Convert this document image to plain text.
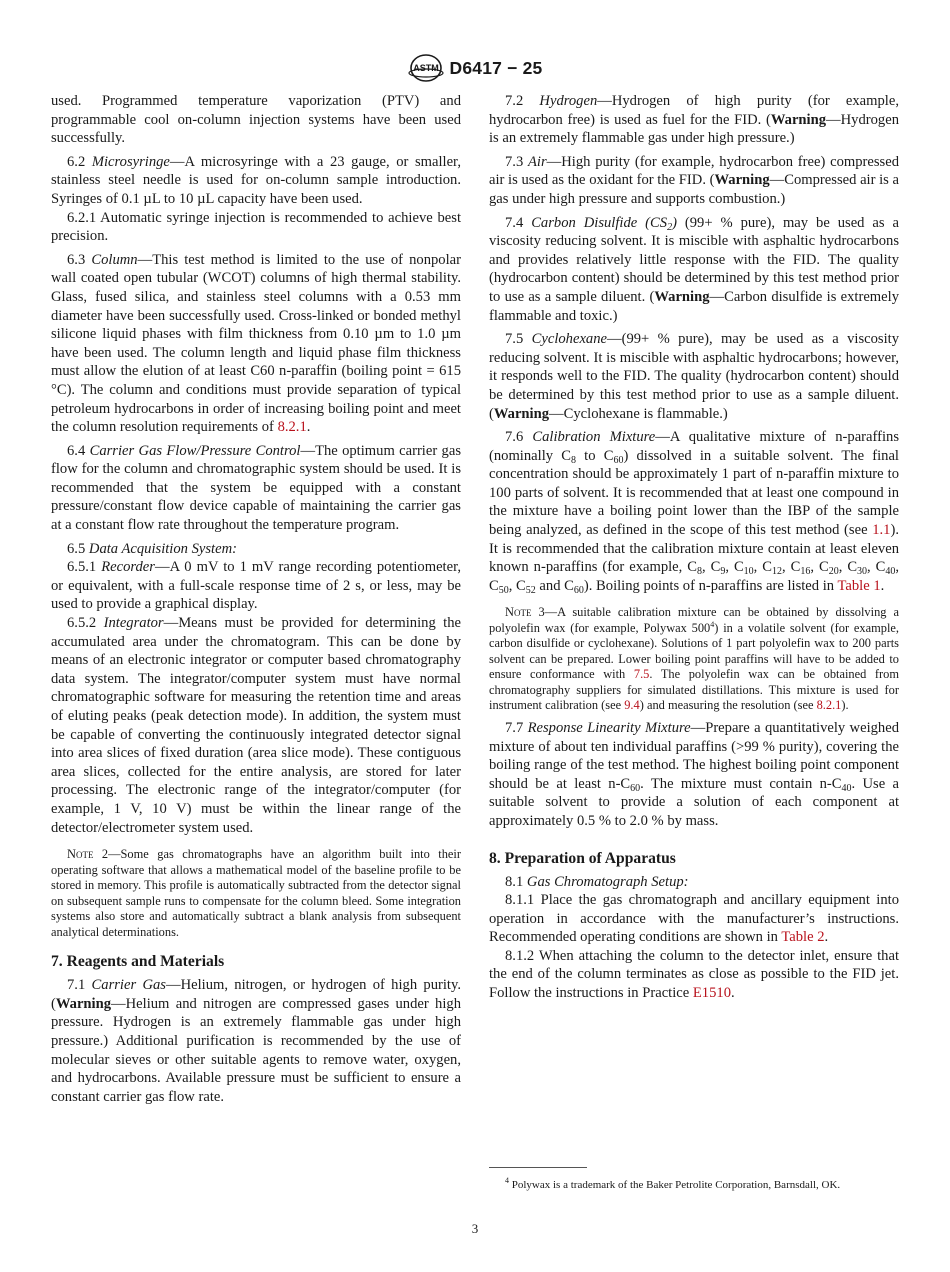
ASTM D6417 − 25

used. Programmed temperature vaporization (PTV) and programmable cool on-column injection systems have been used successfully.

6.2 Microsyringe—A microsyringe with a 23 gauge, or smaller, stainless steel needle is used for on-column sample introduction. Syringes of 0.1 µL to 10 µL capacity have been used.

6.2.1 Automatic syringe injection is recommended to achieve best precision.

6.3 Column—This test method is limited to the use of nonpolar wall coated open tubular (WCOT) columns of high thermal stability. Glass, fused silica, and stainless steel columns with a 0.53 mm diameter have been successfully used. Cross-linked or bonded methyl silicone liquid phases with film thickness from 0.10 µm to 1.0 µm have been used. The column length and liquid phase film thickness must allow the elution of at least C60 n-paraffin (boiling point = 615 °C). The column and conditions must provide separation of typical petroleum hydrocarbons in order of increasing boiling point and meet the column resolution requirements of 8.2.1.

6.4 Carrier Gas Flow/Pressure Control—The optimum carrier gas flow for the column and chromatographic system should be used. It is recommended that the system be equipped with a constant pressure/constant flow device capable of maintaining the carrier gas at a constant flow rate throughout the temperature program.

6.5 Data Acquisition System:

6.5.1 Recorder—A 0 mV to 1 mV range recording potentiometer, or equivalent, with a full-scale response time of 2 s, or less, may be used to provide a graphical display.

6.5.2 Integrator—Means must be provided for determining the accumulated area under the chromatogram. This can be done by means of an electronic integrator or computer based chromatography data system. The integrator/computer system must have normal chromatographic software for measuring the retention time and areas of eluting peaks (peak detection mode). In addition, the system must be capable of converting the continuously integrated detector signal into area slices of fixed duration (area slice mode). These contiguous area slices, collected for the entire analysis, are stored for later processing. The electronic range of the integrator/computer (for example, 1 V, 10 V) must be within the linear range of the detector/electrometer system used.

Note 2—Some gas chromatographs have an algorithm built into their operating software that allows a mathematical model of the baseline profile to be stored in memory. This profile is automatically subtracted from the detector signal on subsequent sample runs to compensate for the column bleed. Some integration systems also store and automatically subtract a blank analysis from subsequent analytical determinations.

7. Reagents and Materials

7.1 Carrier Gas—Helium, nitrogen, or hydrogen of high purity. (Warning—Helium and nitrogen are compressed gases under high pressure. Hydrogen is an extremely flammable gas under high pressure.) Additional purification is recommended by the use of molecular sieves or other suitable agents to remove water, oxygen, and hydrocarbons. Available pressure must be sufficient to ensure a constant carrier gas flow rate.

7.2 Hydrogen—Hydrogen of high purity (for example, hydrocarbon free) is used as fuel for the FID. (Warning—Hydrogen is an extremely flammable gas under high pressure.)

7.3 Air—High purity (for example, hydrocarbon free) compressed air is used as the oxidant for the FID. (Warning—Compressed air is a gas under high pressure and supports combustion.)

7.4 Carbon Disulfide $(CS_2)$ (99+ % pure), may be used as a viscosity reducing solvent. It is miscible with asphaltic hydrocarbons and provides relatively little response with the FID. The quality (hydrocarbon content) should be determined by this test method prior to use as a sample diluent. (Warning—Carbon disulfide is extremely flammable and toxic.)

7.5 Cyclohexane—(99+ % pure), may be used as a viscosity reducing solvent. It is miscible with asphaltic hydrocarbons; however, it responds well to the FID. The quality (hydrocarbon content) should be determined by this test method prior to use as a sample diluent. (Warning—Cyclohexane is flammable.)

7.6 Calibration Mixture—A qualitative mixture of n-paraffins (nominally $C_8$ to $C_{60}$) dissolved in a suitable solvent. The final concentration should be approximately 1 part of n-paraffin mixture to 100 parts of solvent. It is recommended that at least one compound in the mixture have a boiling point lower than the IBP of the sample being analyzed, as defined in the scope of this test method (see 1.1). It is recommended that the calibration mixture contain at least eleven known n-paraffins (for example, $C_8$, $C_9$, $C_{10}$, $C_{12}$, $C_{16}$, $C_{20}$, $C_{30}$, $C_{40}$, $C_{50}$, $C_{52}$ and $C_{60}$). Boiling points of n-paraffins are listed in Table 1.

Note 3—A suitable calibration mixture can be obtained by dissolving a polyolefin wax (for example, Polywax $500^4$) in a volatile solvent (for example, carbon disulfide or cyclohexane). Solutions of 1 part polyolefin wax to 200 parts solvent can be prepared. Lower boiling point paraffins will have to be added to ensure conformance with 7.5. The polyolefin wax can be obtained from chromatography suppliers for simulated distillations. This mixture is used for instrument calibration (see 9.4) and measuring the resolution (see 8.2.1).

7.7 Response Linearity Mixture—Prepare a quantitatively weighed mixture of about ten individual paraffins (>99 % purity), covering the boiling range of the test method. The highest boiling point component should be at least $n-C_{60}$. The mixture must contain $n-C_{40}$. Use a suitable solvent to provide a solution of each component at approximately 0.5 % to 2.0 % by mass.

8. Preparation of Apparatus

8.1 Gas Chromatograph Setup:

8.1.1 Place the gas chromatograph and ancillary equipment into operation in accordance with the manufacturer’s instructions. Recommended operating conditions are shown in Table 2.

8.1.2 When attaching the column to the detector inlet, ensure that the end of the column terminates as close as possible to the FID jet. Follow the instructions in Practice E1510.

$^4$ Polywax is a trademark of the Baker Petrolite Corporation, Barnsdall, OK.

3
